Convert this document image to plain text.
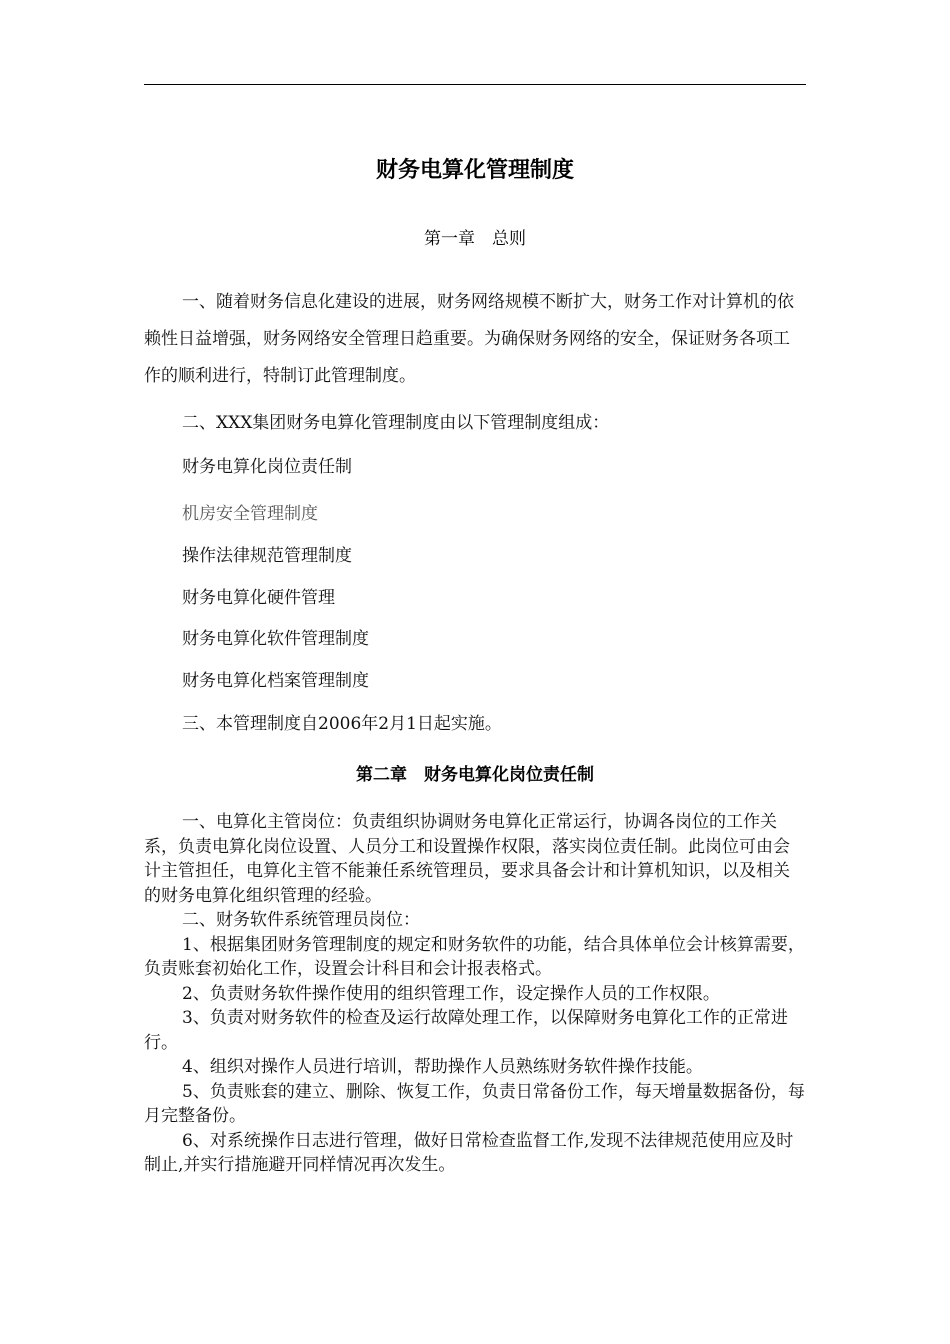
财务电算化管理制度
第一章　总则
一、随着财务信息化建设的进展，财务网络规模不断扩大，财务工作对计算机的依赖性日益增强，财务网络安全管理日趋重要。为确保财务网络的安全，保证财务各项工作的顺利进行，特制订此管理制度。
二、XXX集团财务电算化管理制度由以下管理制度组成：
财务电算化岗位责任制
机房安全管理制度
操作法律规范管理制度
财务电算化硬件管理
财务电算化软件管理制度
财务电算化档案管理制度
三、本管理制度自2006年2月1日起实施。
第二章　财务电算化岗位责任制

一、电算化主管岗位：负责组织协调财务电算化正常运行，协调各岗位的工作关系，负责电算化岗位设置、人员分工和设置操作权限，落实岗位责任制。此岗位可由会计主管担任，电算化主管不能兼任系统管理员，要求具备会计和计算机知识，以及相关的财务电算化组织管理的经验。

二、财务软件系统管理员岗位：

1、根据集团财务管理制度的规定和财务软件的功能，结合具体单位会计核算需要，负责账套初始化工作，设置会计科目和会计报表格式。

2、负责财务软件操作使用的组织管理工作，设定操作人员的工作权限。

3、负责对财务软件的检查及运行故障处理工作，以保障财务电算化工作的正常进行。

4、组织对操作人员进行培训，帮助操作人员熟练财务软件操作技能。

5、负责账套的建立、删除、恢复工作，负责日常备份工作，每天增量数据备份，每月完整备份。

6、对系统操作日志进行管理，做好日常检查监督工作,发现不法律规范使用应及时制止,并实行措施避开同样情况再次发生。
